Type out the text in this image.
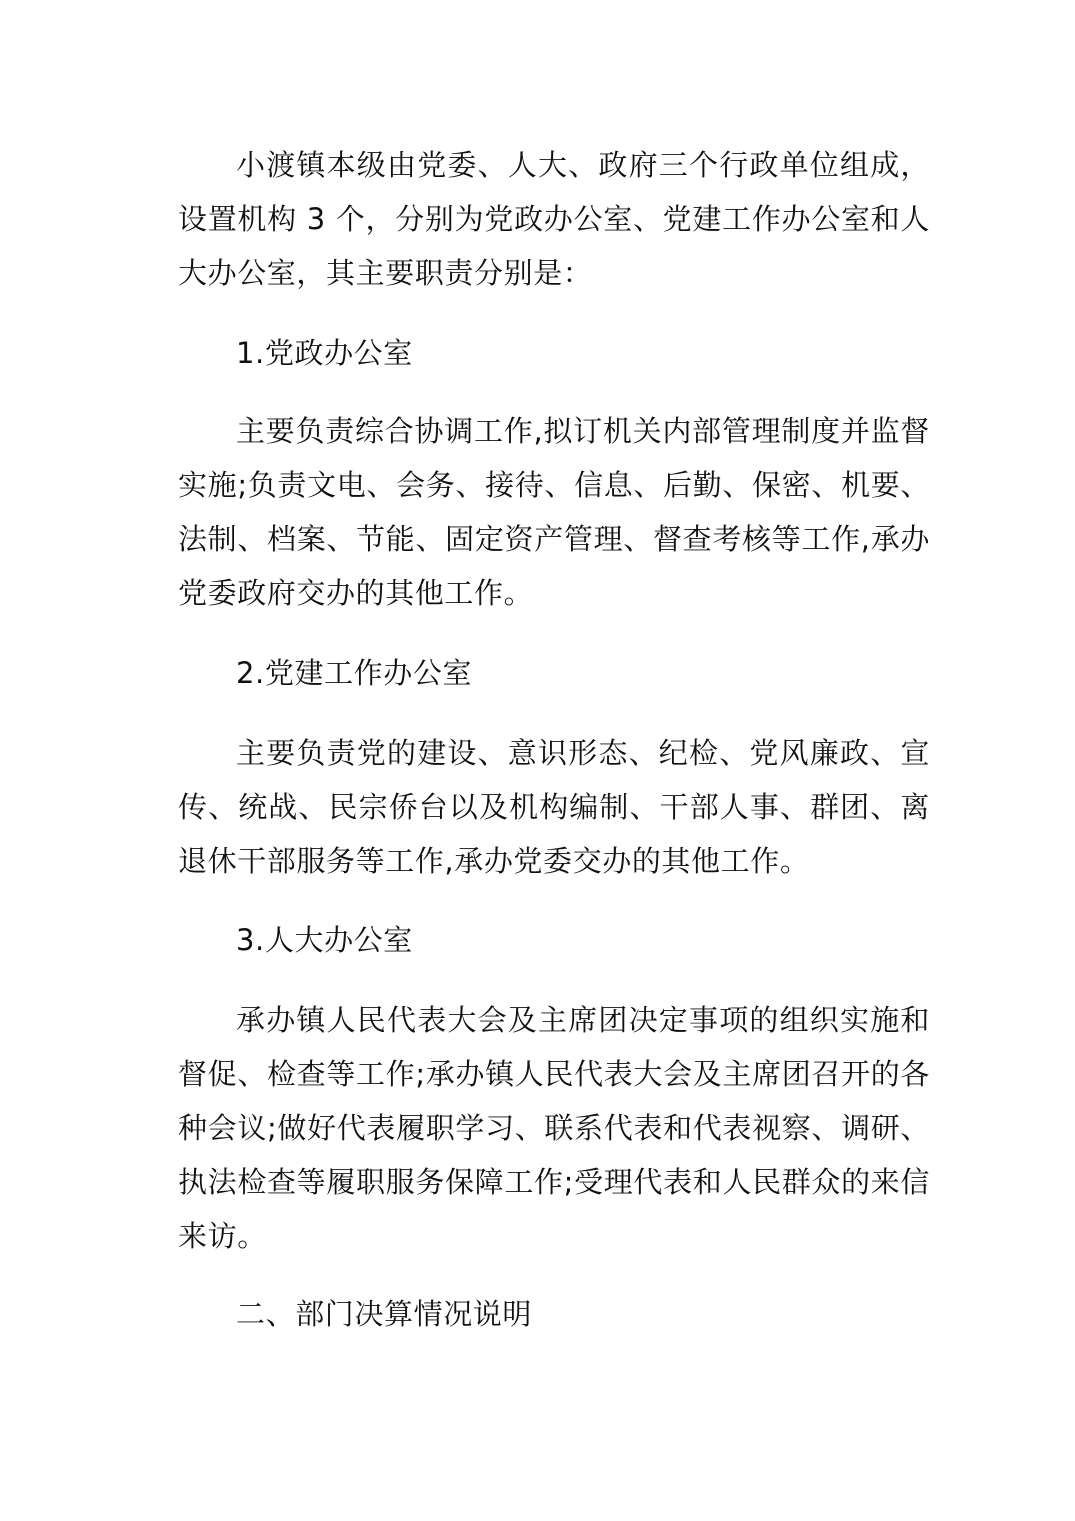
小渡镇本级由党委、人大、政府三个行政单位组成，设置机构 3 个，分别为党政办公室、党建工作办公室和人大办公室，其主要职责分别是：

1.党政办公室

主要负责综合协调工作,拟订机关内部管理制度并监督实施;负责文电、会务、接待、信息、后勤、保密、机要、法制、档案、节能、固定资产管理、督查考核等工作,承办党委政府交办的其他工作。

2.党建工作办公室

主要负责党的建设、意识形态、纪检、党风廉政、宣传、统战、民宗侨台以及机构编制、干部人事、群团、离退休干部服务等工作,承办党委交办的其他工作。

3.人大办公室

承办镇人民代表大会及主席团决定事项的组织实施和督促、检查等工作;承办镇人民代表大会及主席团召开的各种会议;做好代表履职学习、联系代表和代表视察、调研、执法检查等履职服务保障工作;受理代表和人民群众的来信来访。

二、部门决算情况说明
